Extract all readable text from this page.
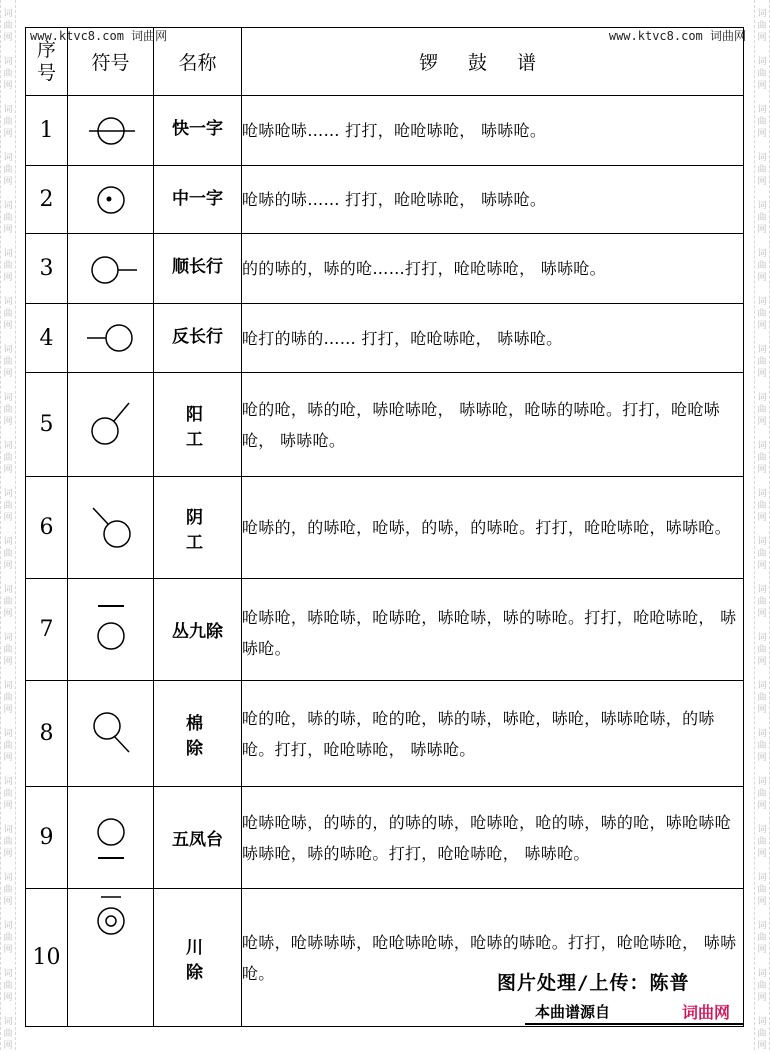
词
曲
网
词
曲
网
词
曲
网
词
曲
网
词
曲
网
词
曲
网
词
曲
网
词
曲
网
词
曲
网
词
曲
网
词
曲
网
词
曲
网
词
曲
网
词
曲
网
词
曲
网
词
曲
网
词
曲
网
词
曲
网
词
曲
网
词
曲
网
词
曲
网
词
曲
网
词
曲
网
词
曲
网
词
曲
网
词
曲
网
词
曲
网
词
曲
网
词
曲
网
词
曲
网
词
曲
网
词
曲
网
词
曲
网
词
曲
网
词
曲
网
词
曲
网
词
曲
网
词
曲
网
词
曲
网
词
曲
网
词
曲
网
词
曲
网
词
曲
网
词
曲
网
www.ktvc8.com 词曲网	www.ktvc8.com 词曲网
序
号	符号	名称	锣鼓谱
1		快一字	呛哧呛哧…… 打打，呛呛哧呛， 哧哧呛。
2		中一字	呛哧的哧…… 打打，呛呛哧呛， 哧哧呛。
3		顺长行	的的哧的，哧的呛……打打，呛呛哧呛， 哧哧呛。
4		反长行	呛打的哧的…… 打打，呛呛哧呛， 哧哧呛。
5		阳 工	呛的呛，哧的呛，哧呛哧呛， 哧哧呛，呛哧的哧呛。打打，呛呛哧呛， 哧哧呛。
6		阴 工	呛哧的，的哧呛，呛哧，的哧，的哧呛。打打，呛呛哧呛，哧哧呛。
7		丛九除	呛哧呛，哧呛哧，呛哧呛，哧呛哧，哧的哧呛。打打，呛呛哧呛， 哧哧呛。
8		棉 除	呛的呛，哧的哧，呛的呛，哧的哧，哧呛，哧呛，哧哧呛哧，的哧呛。打打，呛呛哧呛， 哧哧呛。
9		五凤台	呛哧呛哧，的哧的，的哧的哧，呛哧呛，呛的哧，哧的呛，哧呛哧呛哧哧呛，哧的哧呛。打打，呛呛哧呛， 哧哧呛。
10		川 除	呛哧，呛哧哧哧，呛呛哧呛哧，呛哧的哧呛。打打，呛呛哧呛， 哧哧呛。	图片处理/上传：陈普
本曲谱源自	词曲网
